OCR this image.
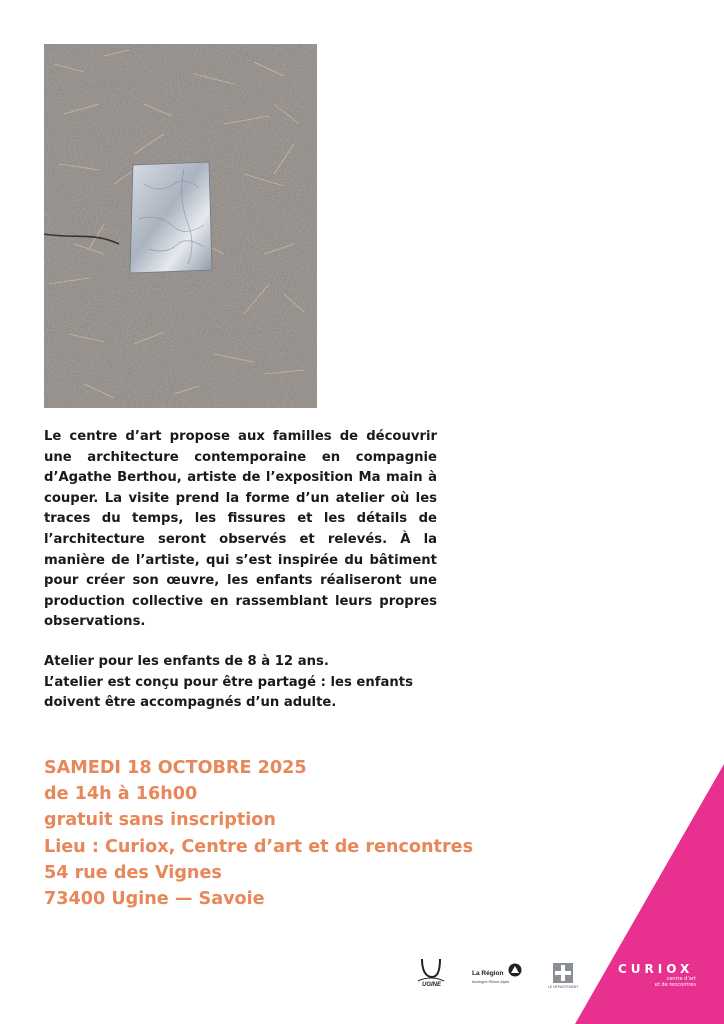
Le centre d’art propose aux familles de découvrir une architecture contemporaine en compagnie d’Agathe Berthou, artiste de l’exposition Ma main à couper. La visite prend la forme d’un atelier où les traces du temps, les fissures et les détails de l’architecture seront observés et relevés. À la manière de l’artiste, qui s’est inspirée du bâtiment pour créer son œuvre, les enfants réaliseront une production collective en rassemblant leurs propres observations.

Atelier pour les enfants de 8 à 12 ans.
L’atelier est conçu pour être partagé : les enfants doivent être accompagnés d’un adulte.
SAMEDI 18 OCTOBRE 2025
de 14h à 16h00
gratuit sans inscription
Lieu : Curiox, Centre d’art et de rencontres
54 rue des Vignes
73400 Ugine — Savoie
UGINE
La Région
Auvergne-Rhône-Alpes
LE DÉPARTEMENT
CURIOX
centre d’art
et de rencontres
